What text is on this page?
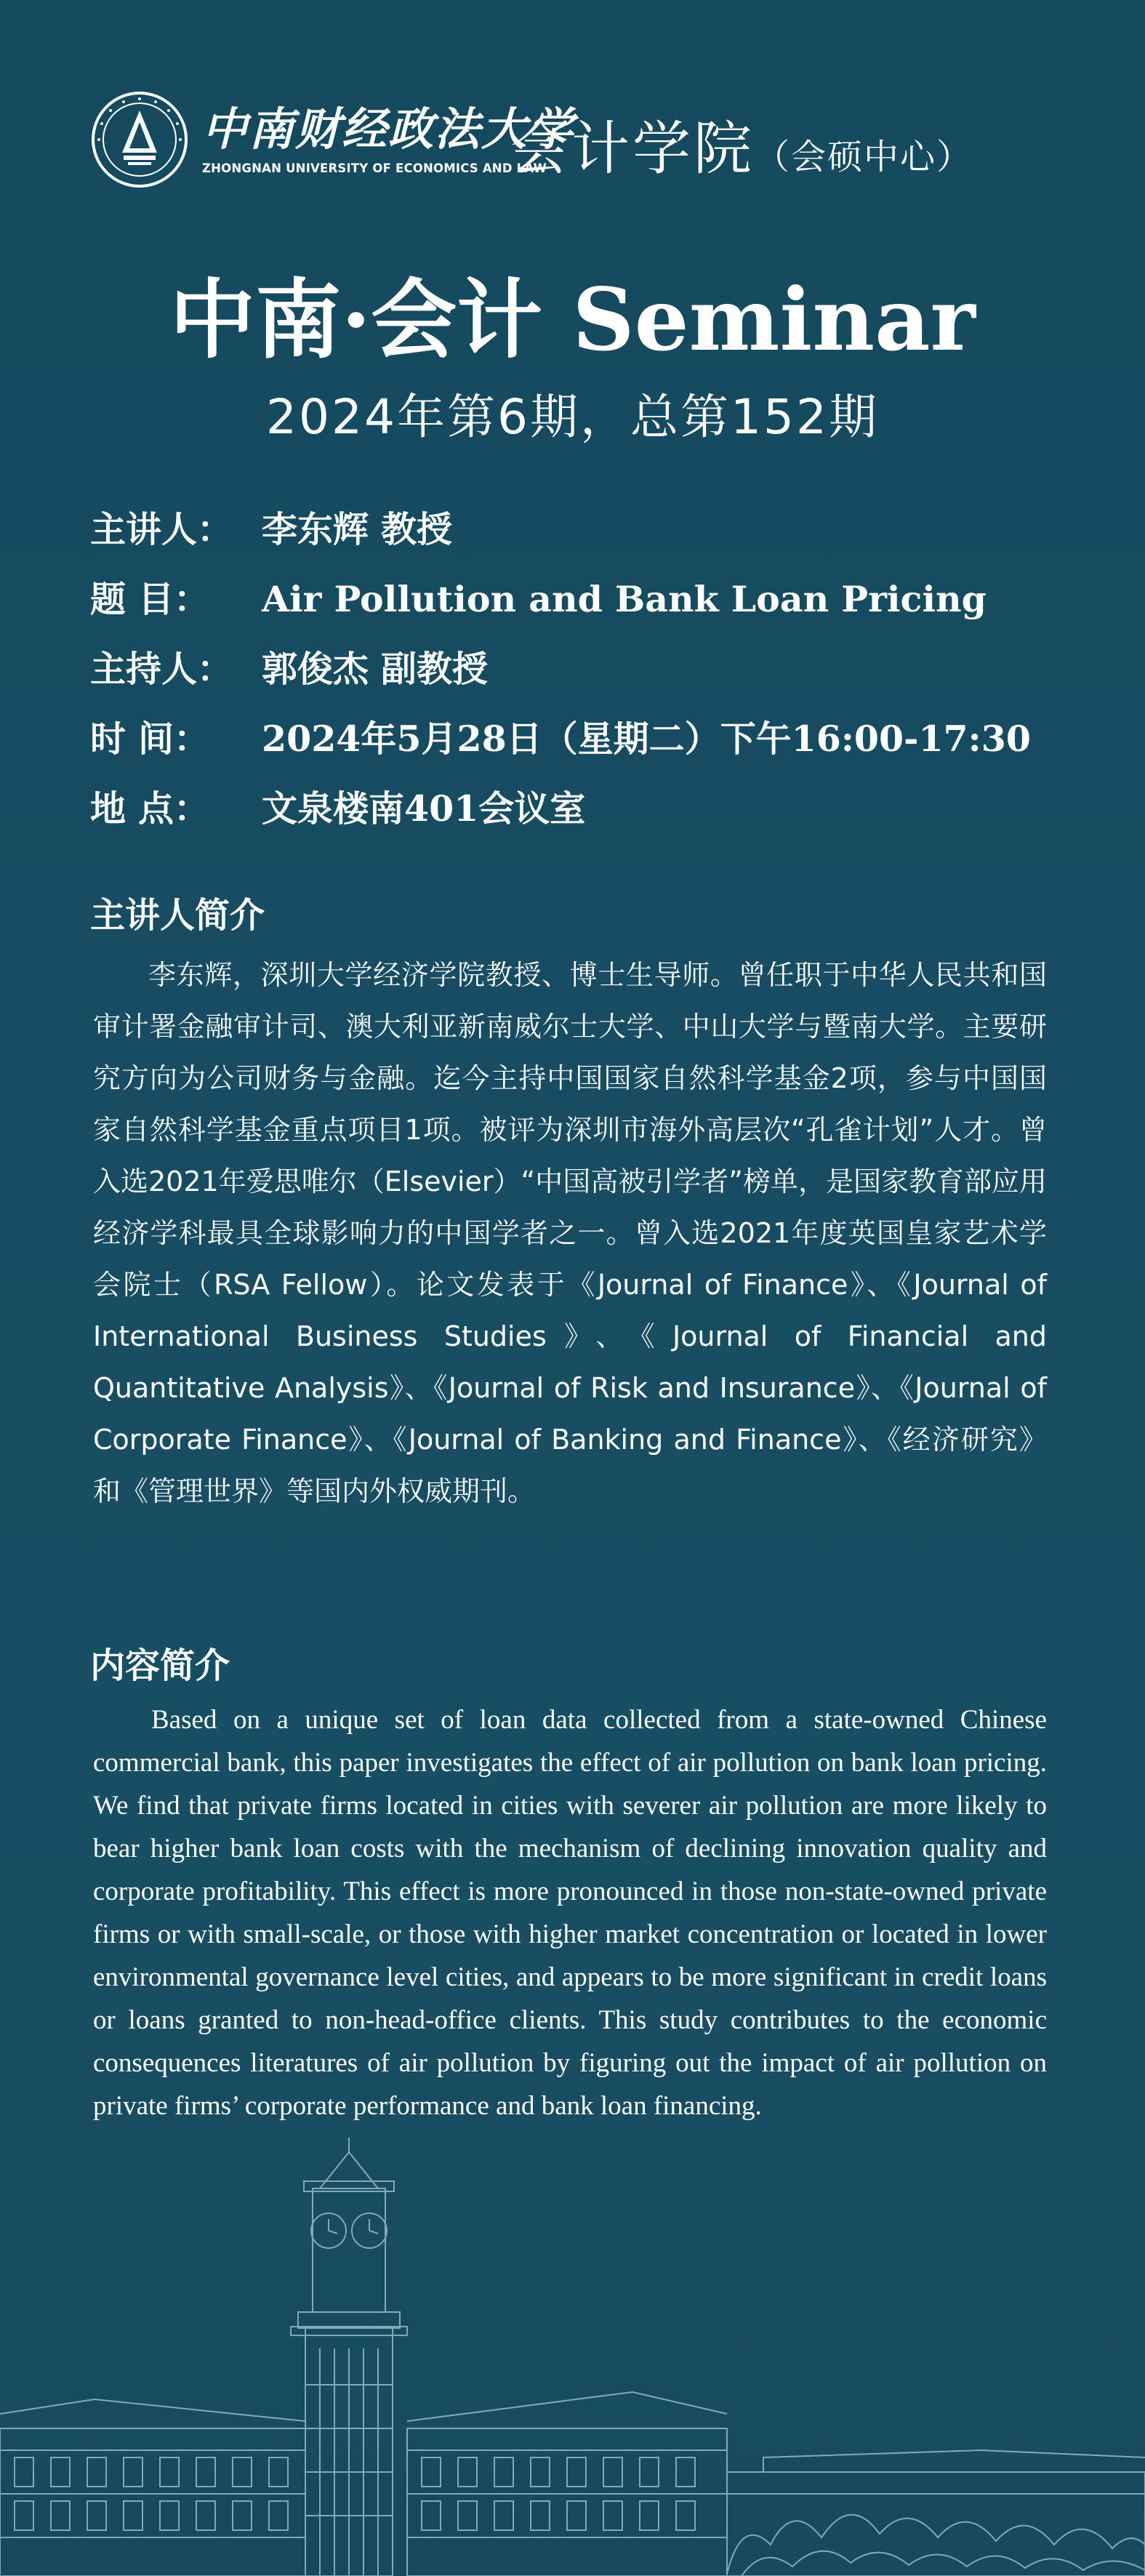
中南财经政法大学
ZHONGNAN UNIVERSITY OF ECONOMICS AND LAW
会计学院（会硕中心）
中南·会计 Seminar
2024年第6期，总第152期
主讲人： 李东辉 教授
题 目： Air Pollution and Bank Loan Pricing
主持人： 郭俊杰 副教授
时 间： 2024年5月28日（星期二）下午16:00-17:30
地 点： 文泉楼南401会议室
主讲人简介

李东辉，深圳大学经济学院教授、博士生导师。曾任职于中华人民共和国审计署金融审计司、澳大利亚新南威尔士大学、中山大学与暨南大学。主要研究方向为公司财务与金融。迄今主持中国国家自然科学基金2项，参与中国国家自然科学基金重点项目1项。被评为深圳市海外高层次“孔雀计划”人才。曾入选2021年爱思唯尔（Elsevier）“中国高被引学者”榜单，是国家教育部应用经济学科最具全球影响力的中国学者之一。曾入选2021年度英国皇家艺术学会院士（RSA Fellow）。论文发表于《Journal of Finance》、《Journal of International Business Studies》、《Journal of Financial and Quantitative Analysis》、《Journal of Risk and Insurance》、《Journal of Corporate Finance》、《Journal of Banking and Finance》、《经济研究》和《管理世界》等国内外权威期刊。

内容简介

Based on a unique set of loan data collected from a state-owned Chinese commercial bank, this paper investigates the effect of air pollution on bank loan pricing. We find that private firms located in cities with severer air pollution are more likely to bear higher bank loan costs with the mechanism of declining innovation quality and corporate profitability. This effect is more pronounced in those non-state-owned private firms or with small-scale, or those with higher market concentration or located in lower environmental governance level cities, and appears to be more significant in credit loans or loans granted to non-head-office clients. This study contributes to the economic consequences literatures of air pollution by figuring out the impact of air pollution on private firms’ corporate performance and bank loan financing.
